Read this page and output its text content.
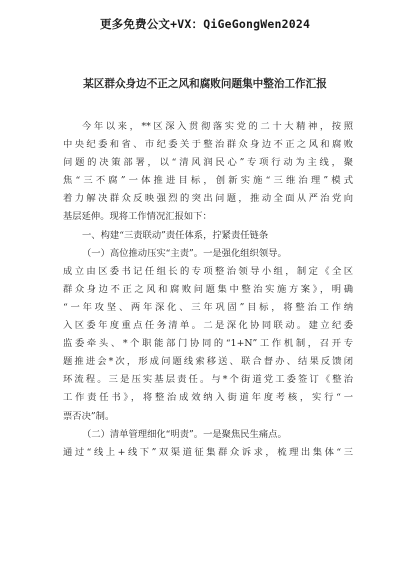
更多免费公文+VX：QiGeGongWen2024
某区群众身边不正之风和腐败问题集中整治工作汇报
今年以来，**区深入贯彻落实党的二十大精神，按照
中央纪委和省、市纪委关于整治群众身边不正之风和腐败
问题的决策部署，以“清风润民心”专项行动为主线，聚
焦“三不腐”一体推进目标，创新实施“三维治理”模式
着力解决群众反映强烈的突出问题，推动全面从严治党向
基层延伸。现将工作情况汇报如下：
一、构建“三责联动”责任体系，拧紧责任链条
（一）高位推动压实“主责”。一是强化组织领导。
成立由区委书记任组长的专项整治领导小组，制定《全区
群众身边不正之风和腐败问题集中整治实施方案》，明确
“一年攻坚、两年深化、三年巩固”目标，将整治工作纳
入区委年度重点任务清单。二是深化协同联动。建立纪委
监委牵头、*个职能部门协同的“1+N”工作机制，召开专
题推进会*次，形成问题线索移送、联合督办、结果反馈闭
环流程。三是压实基层责任。与*个街道党工委签订《整治
工作责任书》，将整治成效纳入街道年度考核，实行“一
票否决”制。
（二）清单管理细化“明责”。一是聚焦民生痛点。
通过“线上+线下”双渠道征集群众诉求，梳理出集体“三
